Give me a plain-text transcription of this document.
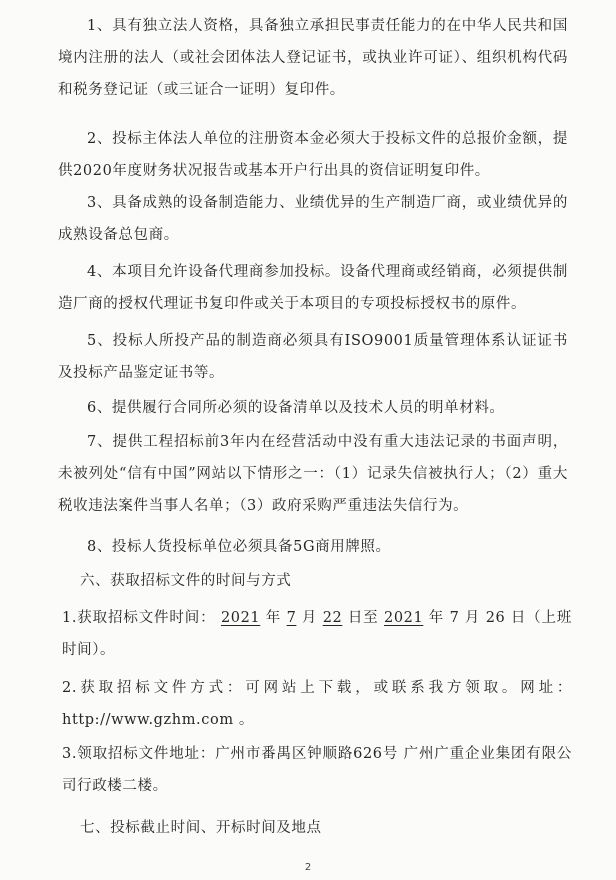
1、具有独立法人资格，具备独立承担民事责任能力的在中华人民共和国境内注册的法人（或社会团体法人登记证书，或执业许可证）、组织机构代码和税务登记证（或三证合一证明）复印件。

2、投标主体法人单位的注册资本金必须大于投标文件的总报价金额，提供2020年度财务状况报告或基本开户行出具的资信证明复印件。

3、具备成熟的设备制造能力、业绩优异的生产制造厂商，或业绩优异的成熟设备总包商。

4、本项目允许设备代理商参加投标。设备代理商或经销商，必须提供制造厂商的授权代理证书复印件或关于本项目的专项投标授权书的原件。

5、投标人所投产品的制造商必须具有ISO9001质量管理体系认证证书及投标产品鉴定证书等。

6、提供履行合同所必须的设备清单以及技术人员的明单材料。

7、提供工程招标前3年内在经营活动中没有重大违法记录的书面声明，未被列处“信有中国”网站以下情形之一：（1）记录失信被执行人；（2）重大税收违法案件当事人名单；（3）政府采购严重违法失信行为。

8、投标人货投标单位必须具备5G商用牌照。

六、获取招标文件的时间与方式

1.获取招标文件时间： 2021 年 7 月 22 日至 2021 年 7 月 26 日（上班时间）。

2.获取招标文件方式：可网站上下载，或联系我方领取。网址：http://www.gzhm.com 。

3.领取招标文件地址：广州市番禺区钟顺路626号 广州广重企业集团有限公司行政楼二楼。

七、投标截止时间、开标时间及地点

2
